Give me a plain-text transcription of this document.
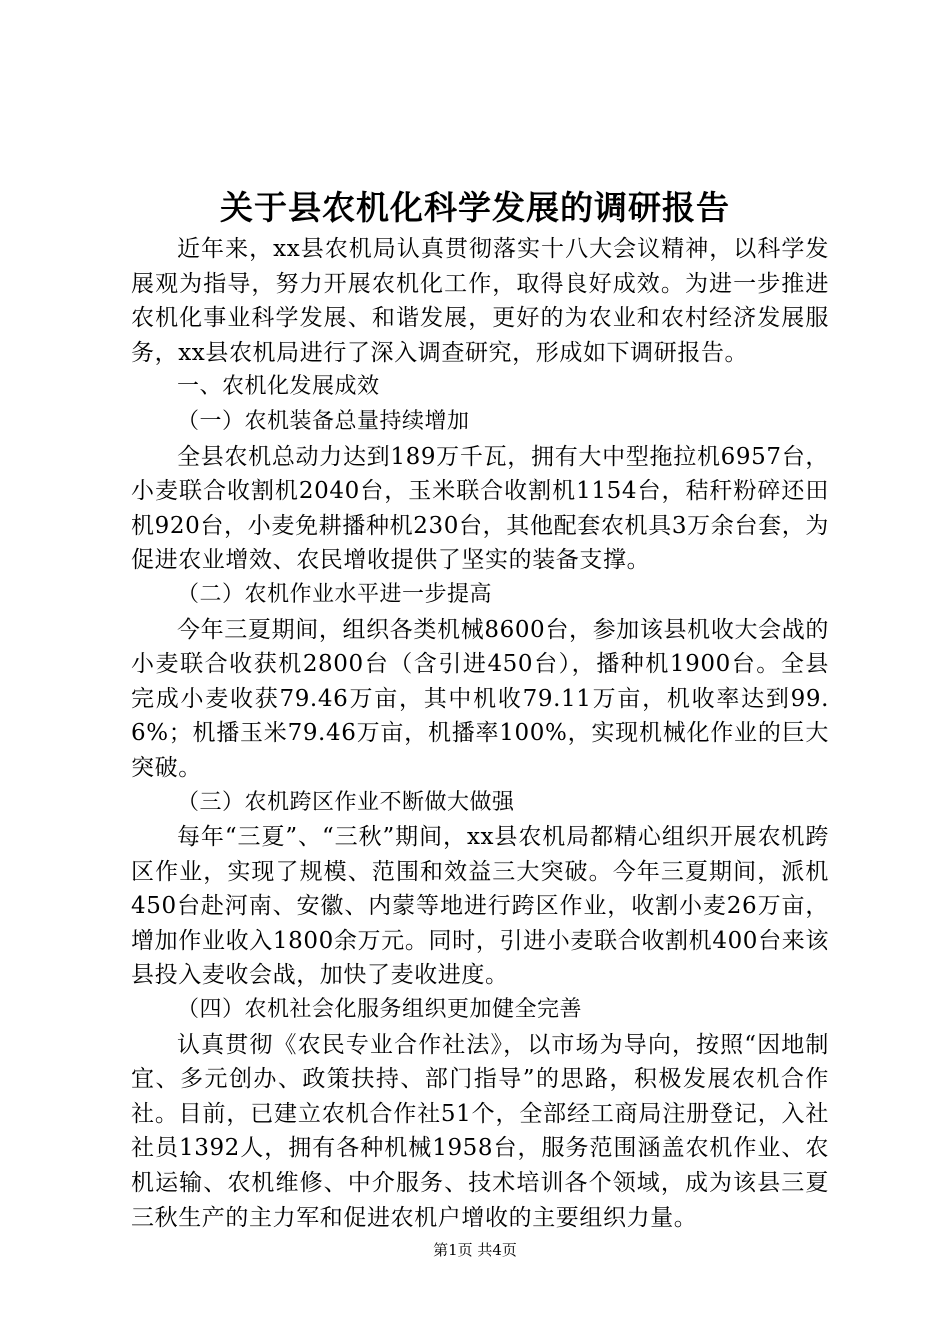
关于县农机化科学发展的调研报告

近年来，xx县农机局认真贯彻落实十八大会议精神，以科学发展观为指导，努力开展农机化工作，取得良好成效。为进一步推进农机化事业科学发展、和谐发展，更好的为农业和农村经济发展服务，xx县农机局进行了深入调查研究，形成如下调研报告。

一、农机化发展成效

（一）农机装备总量持续增加

全县农机总动力达到189万千瓦，拥有大中型拖拉机6957台，小麦联合收割机2040台，玉米联合收割机1154台，秸秆粉碎还田机920台，小麦免耕播种机230台，其他配套农机具3万余台套，为促进农业增效、农民增收提供了坚实的装备支撑。

（二）农机作业水平进一步提高

今年三夏期间，组织各类机械8600台，参加该县机收大会战的小麦联合收获机2800台（含引进450台），播种机1900台。全县完成小麦收获79.46万亩，其中机收79.11万亩，机收率达到99.6%；机播玉米79.46万亩，机播率100%，实现机械化作业的巨大突破。

（三）农机跨区作业不断做大做强

每年“三夏”、“三秋”期间，xx县农机局都精心组织开展农机跨区作业，实现了规模、范围和效益三大突破。今年三夏期间，派机450台赴河南、安徽、内蒙等地进行跨区作业，收割小麦26万亩，增加作业收入1800余万元。同时，引进小麦联合收割机400台来该县投入麦收会战，加快了麦收进度。

（四）农机社会化服务组织更加健全完善

认真贯彻《农民专业合作社法》，以市场为导向，按照“因地制宜、多元创办、政策扶持、部门指导”的思路，积极发展农机合作社。目前，已建立农机合作社51个，全部经工商局注册登记，入社社员1392人，拥有各种机械1958台，服务范围涵盖农机作业、农机运输、农机维修、中介服务、技术培训各个领域，成为该县三夏三秋生产的主力军和促进农机户增收的主要组织力量。

第1页 共4页
